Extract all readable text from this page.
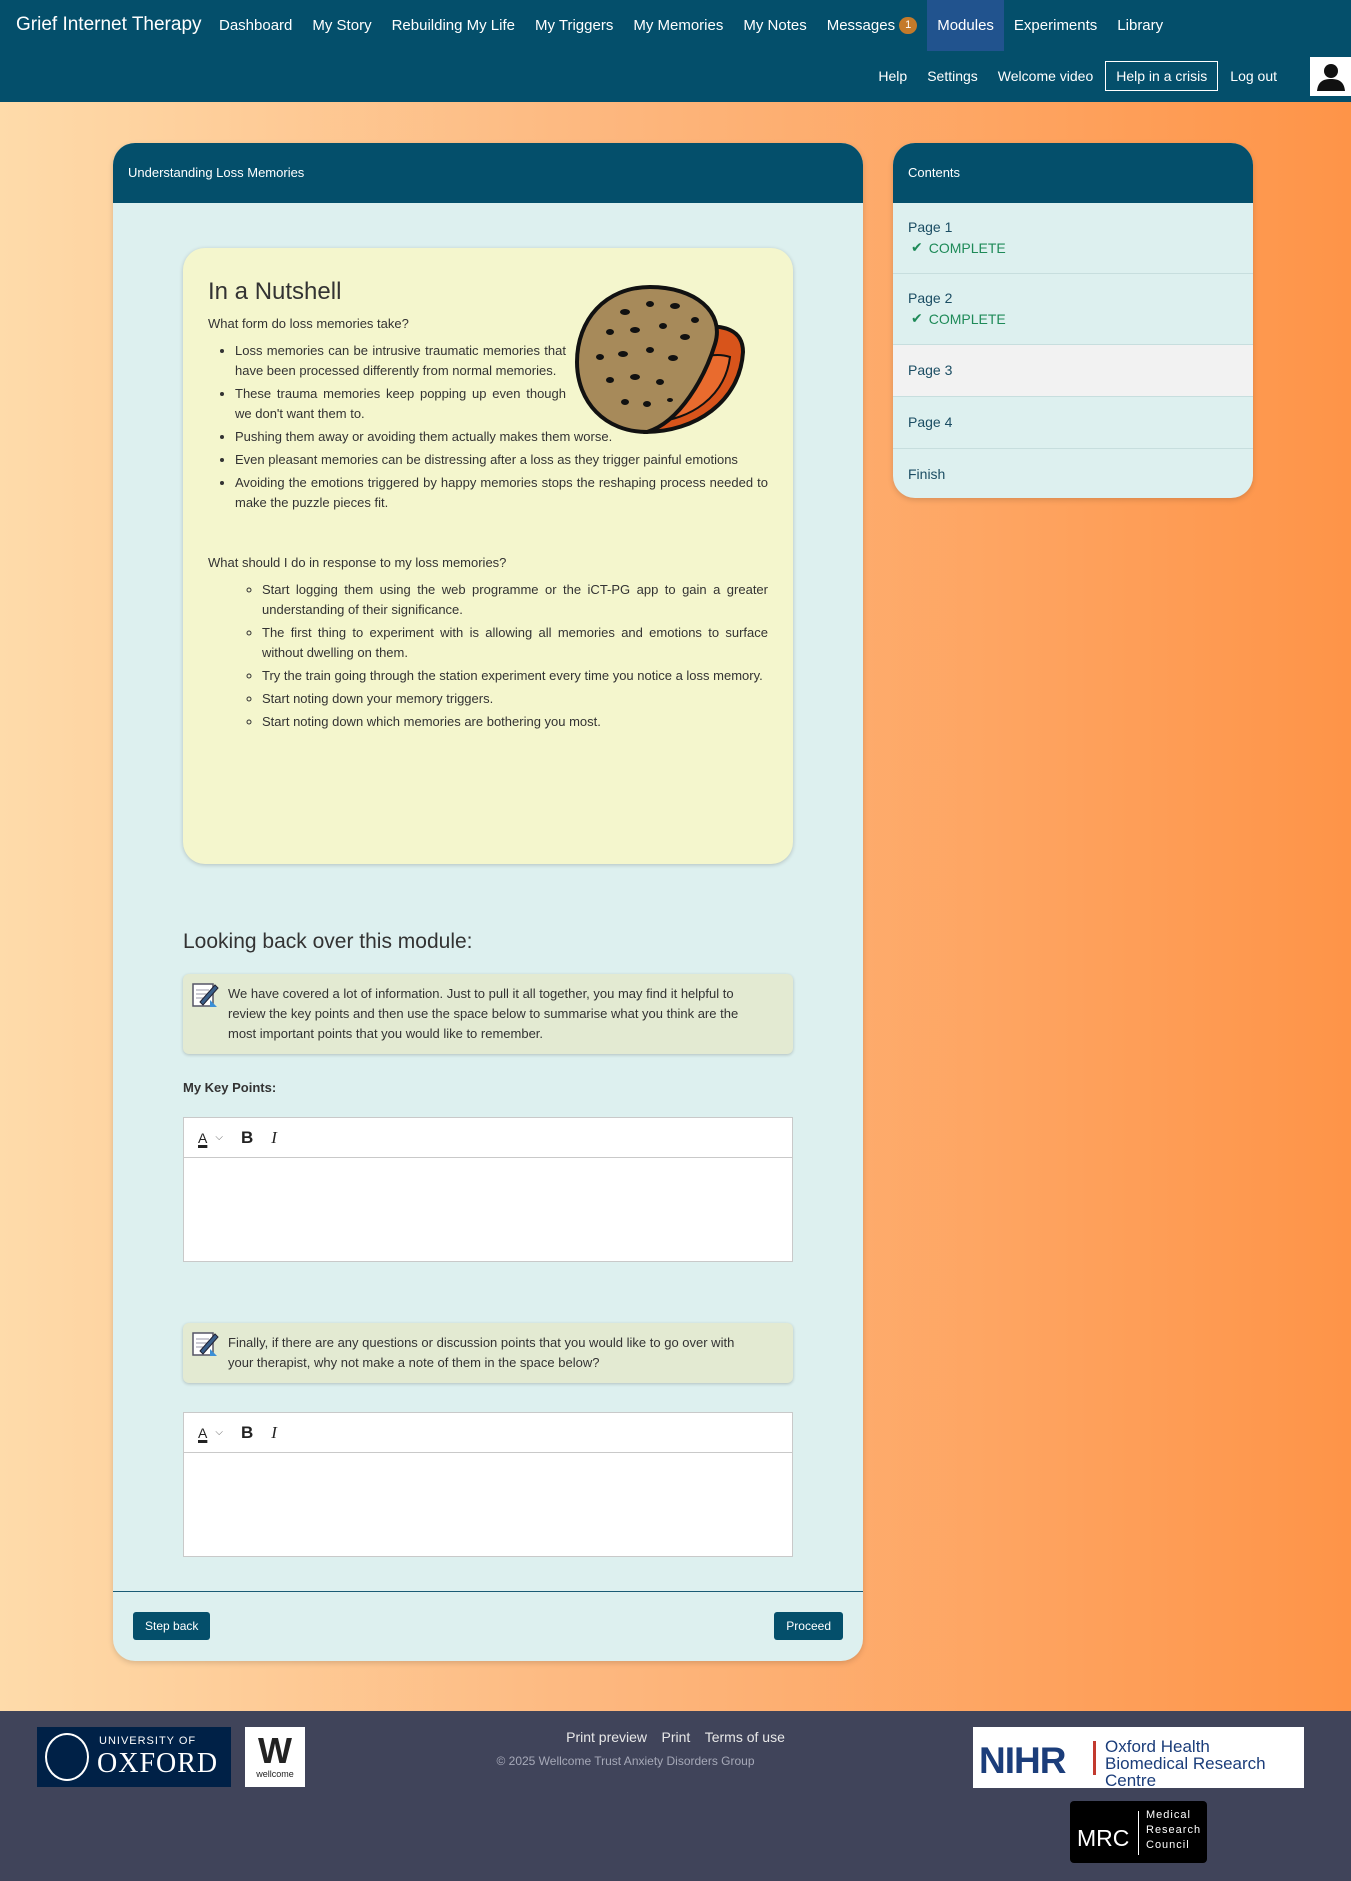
Grief Internet Therapy Dashboard My Story Rebuilding My Life My Triggers My Memories My Notes Messages 1	Modules Experiments Library
Help	Settings	Welcome video	Help in a crisis	Log out
Understanding Loss Memories
In a Nutshell

What form do loss memories take?

• Loss memories can be intrusive traumatic memories that have been processed differently from normal memories.
• These trauma memories keep popping up even though we don't want them to.
• Pushing them away or avoiding them actually makes them worse.
• Even pleasant memories can be distressing after a loss as they trigger painful emotions
• Avoiding the emotions triggered by happy memories stops the reshaping process needed to make the puzzle pieces fit.

What should I do in response to my loss memories?

◦ Start logging them using the web programme or the iCT-PG app to gain a greater understanding of their significance.
◦ The first thing to experiment with is allowing all memories and emotions to surface without dwelling on them.
◦ Try the train going through the station experiment every time you notice a loss memory.
◦ Start noting down your memory triggers.
◦ Start noting down which memories are bothering you most.
Looking back over this module:
We have covered a lot of information. Just to pull it all together, you may find it helpful to review the key points and then use the space below to summarise what you think are the most important points that you would like to remember.
My Key Points:
A ⌵ B I
Finally, if there are any questions or discussion points that you would like to go over with your therapist, why not make a note of them in the space below?
A ⌵ B I
Step back	Proceed
Contents
Page 1
✔ COMPLETE
Page 2
✔ COMPLETE
Page 3
Page 4
Finish
UNIVERSITY OF
OXFORD	W
wellcome
Print preview Print Terms of use
© 2025 Wellcome Trust Anxiety Disorders Group	NIHR Oxford Health Biomedical Research Centre
MRC
Medical
Research
Council
